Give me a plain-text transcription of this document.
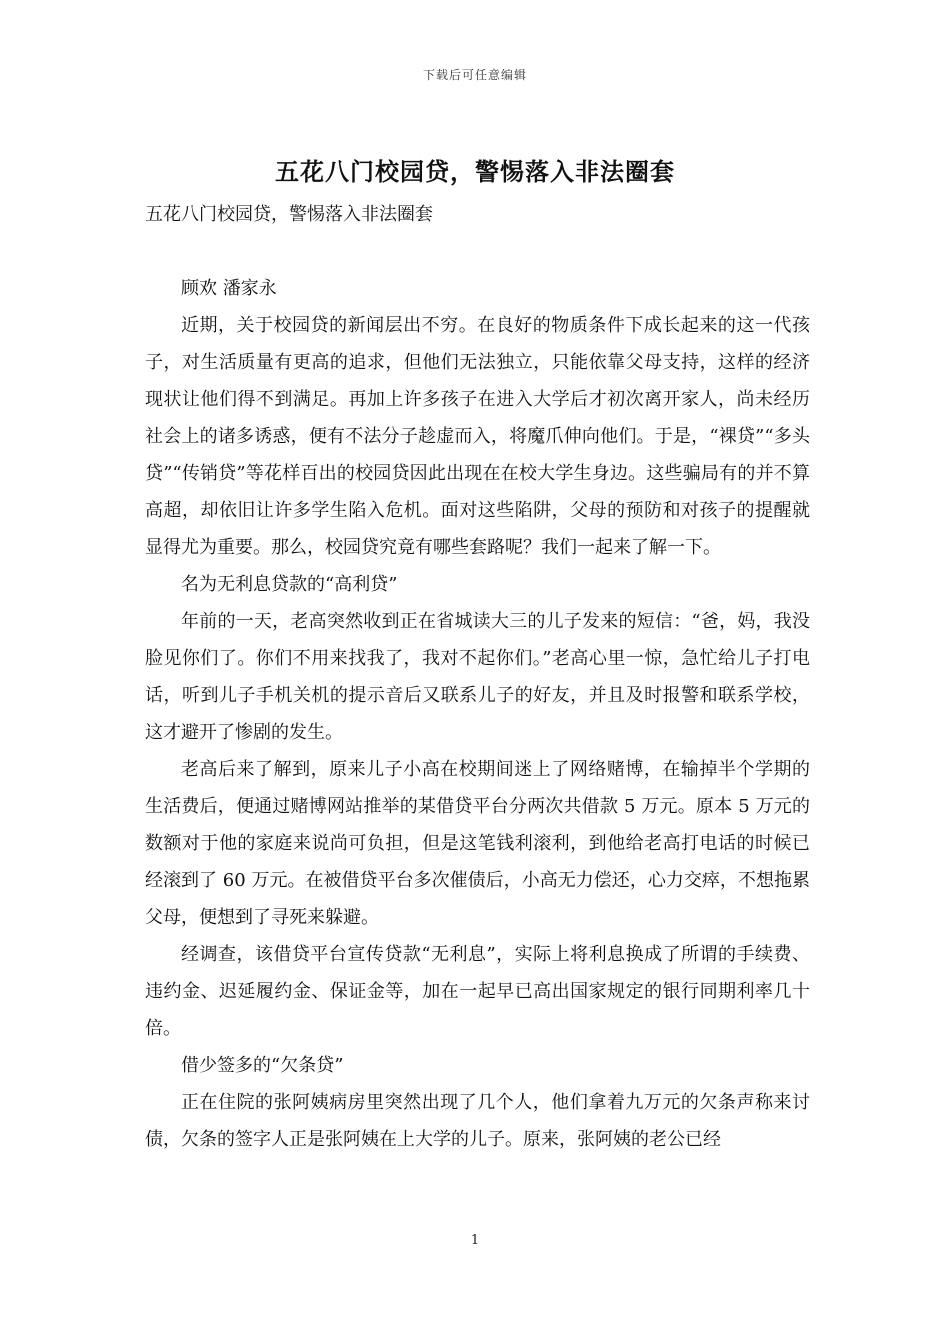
下载后可任意编辑
五花八门校园贷，警惕落入非法圈套

五花八门校园贷，警惕落入非法圈套

顾欢 潘家永

近期，关于校园贷的新闻层出不穷。在良好的物质条件下成长起来的这一代孩子，对生活质量有更高的追求，但他们无法独立，只能依靠父母支持，这样的经济现状让他们得不到满足。再加上许多孩子在进入大学后才初次离开家人，尚未经历社会上的诸多诱惑，便有不法分子趁虚而入，将魔爪伸向他们。于是，“裸贷”“多头贷”“传销贷”等花样百出的校园贷因此出现在在校大学生身边。这些骗局有的并不算高超，却依旧让许多学生陷入危机。面对这些陷阱，父母的预防和对孩子的提醒就显得尤为重要。那么，校园贷究竟有哪些套路呢？我们一起来了解一下。

名为无利息贷款的“高利贷”

年前的一天，老高突然收到正在省城读大三的儿子发来的短信：“爸，妈，我没脸见你们了。你们不用来找我了，我对不起你们。”老高心里一惊，急忙给儿子打电话，听到儿子手机关机的提示音后又联系儿子的好友，并且及时报警和联系学校，这才避开了惨剧的发生。

老高后来了解到，原来儿子小高在校期间迷上了网络赌博，在输掉半个学期的生活费后，便通过赌博网站推举的某借贷平台分两次共借款 5 万元。原本 5 万元的数额对于他的家庭来说尚可负担，但是这笔钱利滚利，到他给老高打电话的时候已经滚到了 60 万元。在被借贷平台多次催债后，小高无力偿还，心力交瘁，不想拖累父母，便想到了寻死来躲避。

经调查，该借贷平台宣传贷款“无利息”，实际上将利息换成了所谓的手续费、违约金、迟延履约金、保证金等，加在一起早已高出国家规定的银行同期利率几十倍。

借少签多的“欠条贷”

正在住院的张阿姨病房里突然出现了几个人，他们拿着九万元的欠条声称来讨债，欠条的签字人正是张阿姨在上大学的儿子。原来，张阿姨的老公已经

1
